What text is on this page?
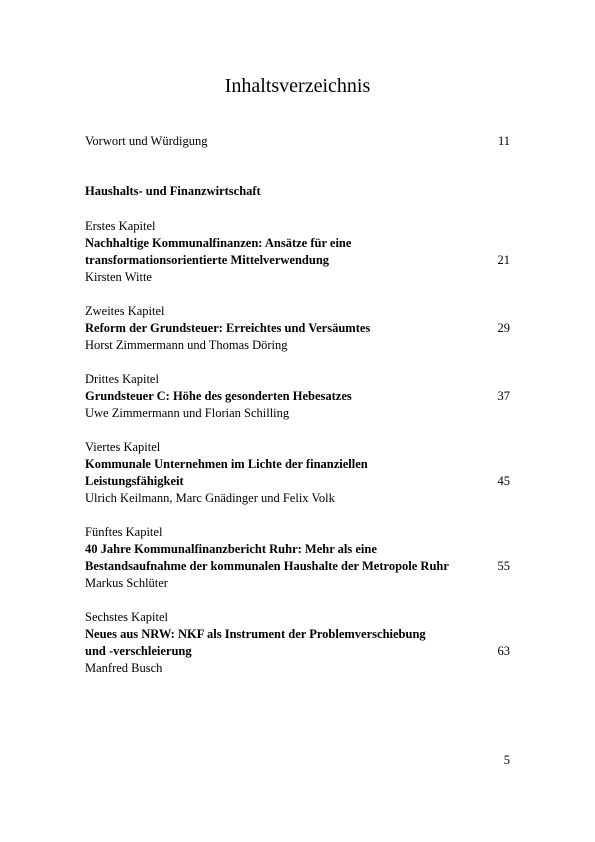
Inhaltsverzeichnis
Vorwort und Würdigung	11
Haushalts- und Finanzwirtschaft
Erstes Kapitel
Nachhaltige Kommunalfinanzen: Ansätze für eine
transformationsorientierte Mittelverwendung	21
Kirsten Witte
Zweites Kapitel
Reform der Grundsteuer: Erreichtes und Versäumtes	29
Horst Zimmermann und Thomas Döring
Drittes Kapitel
Grundsteuer C: Höhe des gesonderten Hebesatzes	37
Uwe Zimmermann und Florian Schilling
Viertes Kapitel
Kommunale Unternehmen im Lichte der finanziellen
Leistungsfähigkeit	45
Ulrich Keilmann, Marc Gnädinger und Felix Volk
Fünftes Kapitel
40 Jahre Kommunalfinanzbericht Ruhr: Mehr als eine
Bestandsaufnahme der kommunalen Haushalte der Metropole Ruhr	55
Markus Schlüter
Sechstes Kapitel
Neues aus NRW: NKF als Instrument der Problemverschiebung
und -verschleierung	63
Manfred Busch
5
